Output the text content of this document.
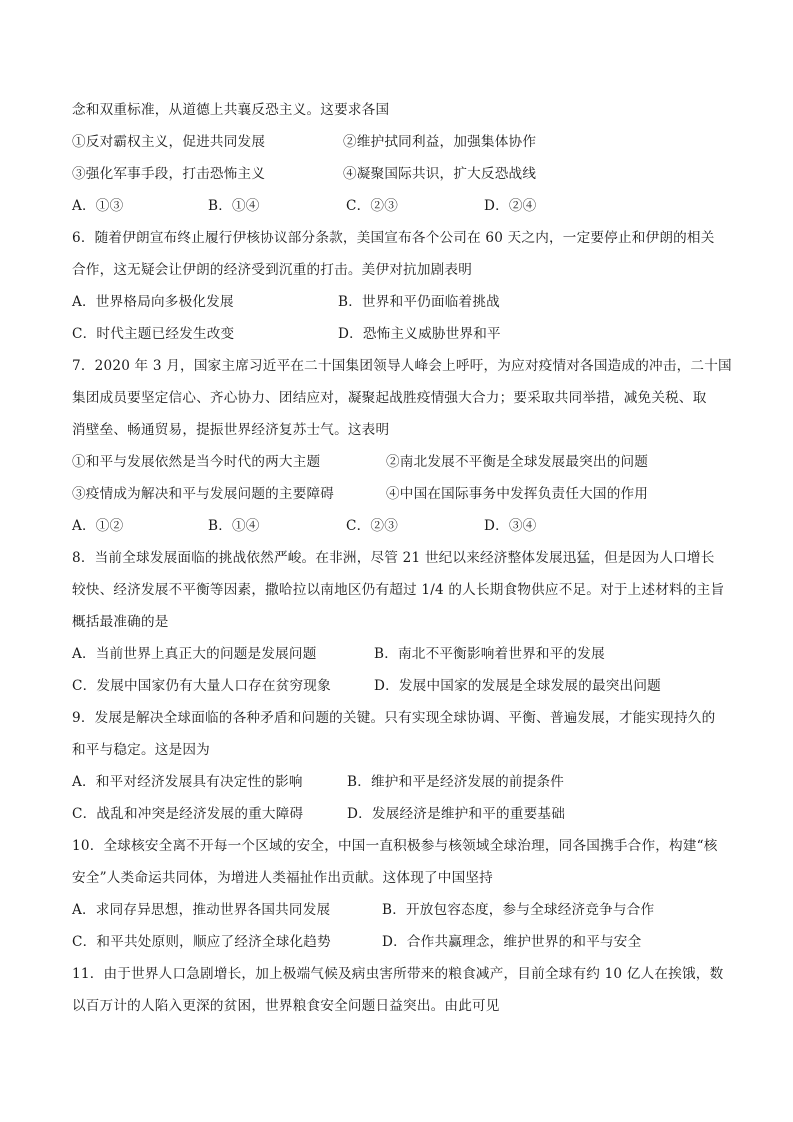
念和双重标准，从道德上共襄反恐主义。这要求各国
①反对霸权主义，促进共同发展	②维护拭同利益，加强集体协作
③强化军事手段，打击恐怖主义	④凝聚国际共识，扩大反恐战线
A．①③	B．①④	C．②③	D．②④
6．随着伊朗宣布终止履行伊核协议部分条款，美国宣布各个公司在 60 天之内，一定要停止和伊朗的相关
合作，这无疑会让伊朗的经济受到沉重的打击。美伊对抗加剧表明
A．世界格局向多极化发展	B．世界和平仍面临着挑战
C．时代主题已经发生改变	D．恐怖主义威胁世界和平
7．2020 年 3 月，国家主席习近平在二十国集团领导人峰会上呼吁，为应对疫情对各国造成的冲击，二十国
集团成员要坚定信心、齐心协力、团结应对，凝聚起战胜疫情强大合力；要采取共同举措，减免关税、取
消壁垒、畅通贸易，提振世界经济复苏士气。这表明
①和平与发展依然是当今时代的两大主题	②南北发展不平衡是全球发展最突出的问题
③疫情成为解决和平与发展问题的主要障碍	④中国在国际事务中发挥负责任大国的作用
A．①②	B．①④	C．②③	D．③④
8．当前全球发展面临的挑战依然严峻。在非洲，尽管 21 世纪以来经济整体发展迅猛，但是因为人口增长
较快、经济发展不平衡等因素，撒哈拉以南地区仍有超过 1/4 的人长期食物供应不足。对于上述材料的主旨
概括最准确的是
A．当前世界上真正大的问题是发展问题	B．南北不平衡影响着世界和平的发展
C．发展中国家仍有大量人口存在贫穷现象	D．发展中国家的发展是全球发展的最突出问题
9．发展是解决全球面临的各种矛盾和问题的关键。只有实现全球协调、平衡、普遍发展，才能实现持久的
和平与稳定。这是因为
A．和平对经济发展具有决定性的影响	B．维护和平是经济发展的前提条件
C．战乱和冲突是经济发展的重大障碍	D．发展经济是维护和平的重要基础
10．全球核安全离不开每一个区域的安全，中国一直积极参与核领域全球治理，同各国携手合作，构建“核
安全”人类命运共同体，为增进人类福扯作出贡献。这体现了中国坚持
A．求同存异思想，推动世界各国共同发展	B．开放包容态度，参与全球经济竞争与合作
C．和平共处原则，顺应了经济全球化趋势	D．合作共赢理念，维护世界的和平与安全
11．由于世界人口急剧增长，加上极端气候及病虫害所带来的粮食减产，目前全球有约 10 亿人在挨饿，数
以百万计的人陷入更深的贫困，世界粮食安全问题日益突出。由此可见
